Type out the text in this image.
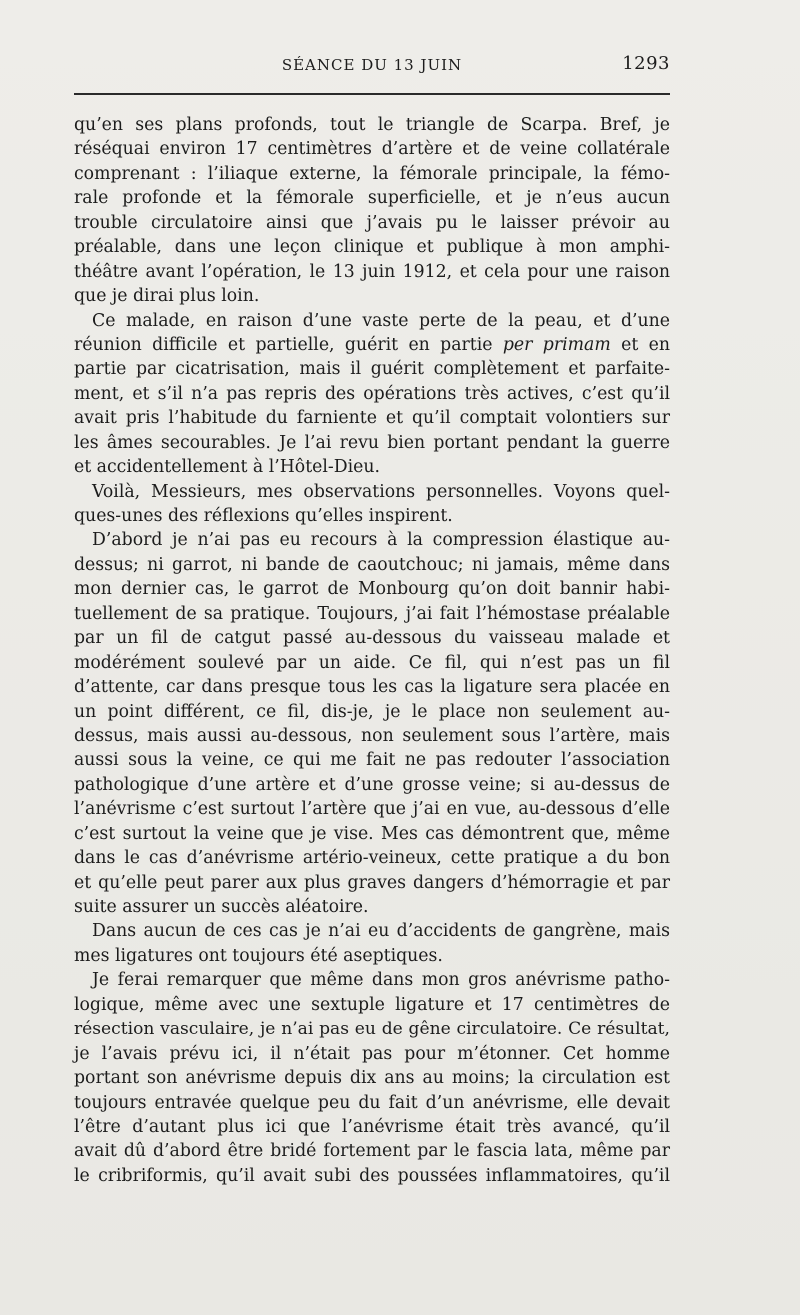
SÉANCE DU 13 JUIN	1293
qu’en ses plans profonds, tout le triangle de Scarpa. Bref, je
réséquai environ 17 centimètres d’artère et de veine collatérale
comprenant : l’iliaque externe, la fémorale principale, la fémo-
rale profonde et la fémorale superficielle, et je n’eus aucun
trouble circulatoire ainsi que j’avais pu le laisser prévoir au
préalable, dans une leçon clinique et publique à mon amphi-
théâtre avant l’opération, le 13 juin 1912, et cela pour une raison
que je dirai plus loin.
Ce malade, en raison d’une vaste perte de la peau, et d’une
réunion difficile et partielle, guérit en partie per primam et en
partie par cicatrisation, mais il guérit complètement et parfaite-
ment, et s’il n’a pas repris des opérations très actives, c’est qu’il
avait pris l’habitude du farniente et qu’il comptait volontiers sur
les âmes secourables. Je l’ai revu bien portant pendant la guerre
et accidentellement à l’Hôtel-Dieu.
Voilà, Messieurs, mes observations personnelles. Voyons quel-
ques-unes des réflexions qu’elles inspirent.
D’abord je n’ai pas eu recours à la compression élastique au-
dessus; ni garrot, ni bande de caoutchouc; ni jamais, même dans
mon dernier cas, le garrot de Monbourg qu’on doit bannir habi-
tuellement de sa pratique. Toujours, j’ai fait l’hémostase préalable
par un fil de catgut passé au-dessous du vaisseau malade et
modérément soulevé par un aide. Ce fil, qui n’est pas un fil
d’attente, car dans presque tous les cas la ligature sera placée en
un point différent, ce fil, dis-je, je le place non seulement au-
dessus, mais aussi au-dessous, non seulement sous l’artère, mais
aussi sous la veine, ce qui me fait ne pas redouter l’association
pathologique d’une artère et d’une grosse veine; si au-dessus de
l’anévrisme c’est surtout l’artère que j’ai en vue, au-dessous d’elle
c’est surtout la veine que je vise. Mes cas démontrent que, même
dans le cas d’anévrisme artério-veineux, cette pratique a du bon
et qu’elle peut parer aux plus graves dangers d’hémorragie et par
suite assurer un succès aléatoire.
Dans aucun de ces cas je n’ai eu d’accidents de gangrène, mais
mes ligatures ont toujours été aseptiques.
Je ferai remarquer que même dans mon gros anévrisme patho-
logique, même avec une sextuple ligature et 17 centimètres de
résection vasculaire, je n’ai pas eu de gêne circulatoire. Ce résultat,
je l’avais prévu ici, il n’était pas pour m’étonner. Cet homme
portant son anévrisme depuis dix ans au moins; la circulation est
toujours entravée quelque peu du fait d’un anévrisme, elle devait
l’être d’autant plus ici que l’anévrisme était très avancé, qu’il
avait dû d’abord être bridé fortement par le fascia lata, même par
le cribriformis, qu’il avait subi des poussées inflammatoires, qu’il
